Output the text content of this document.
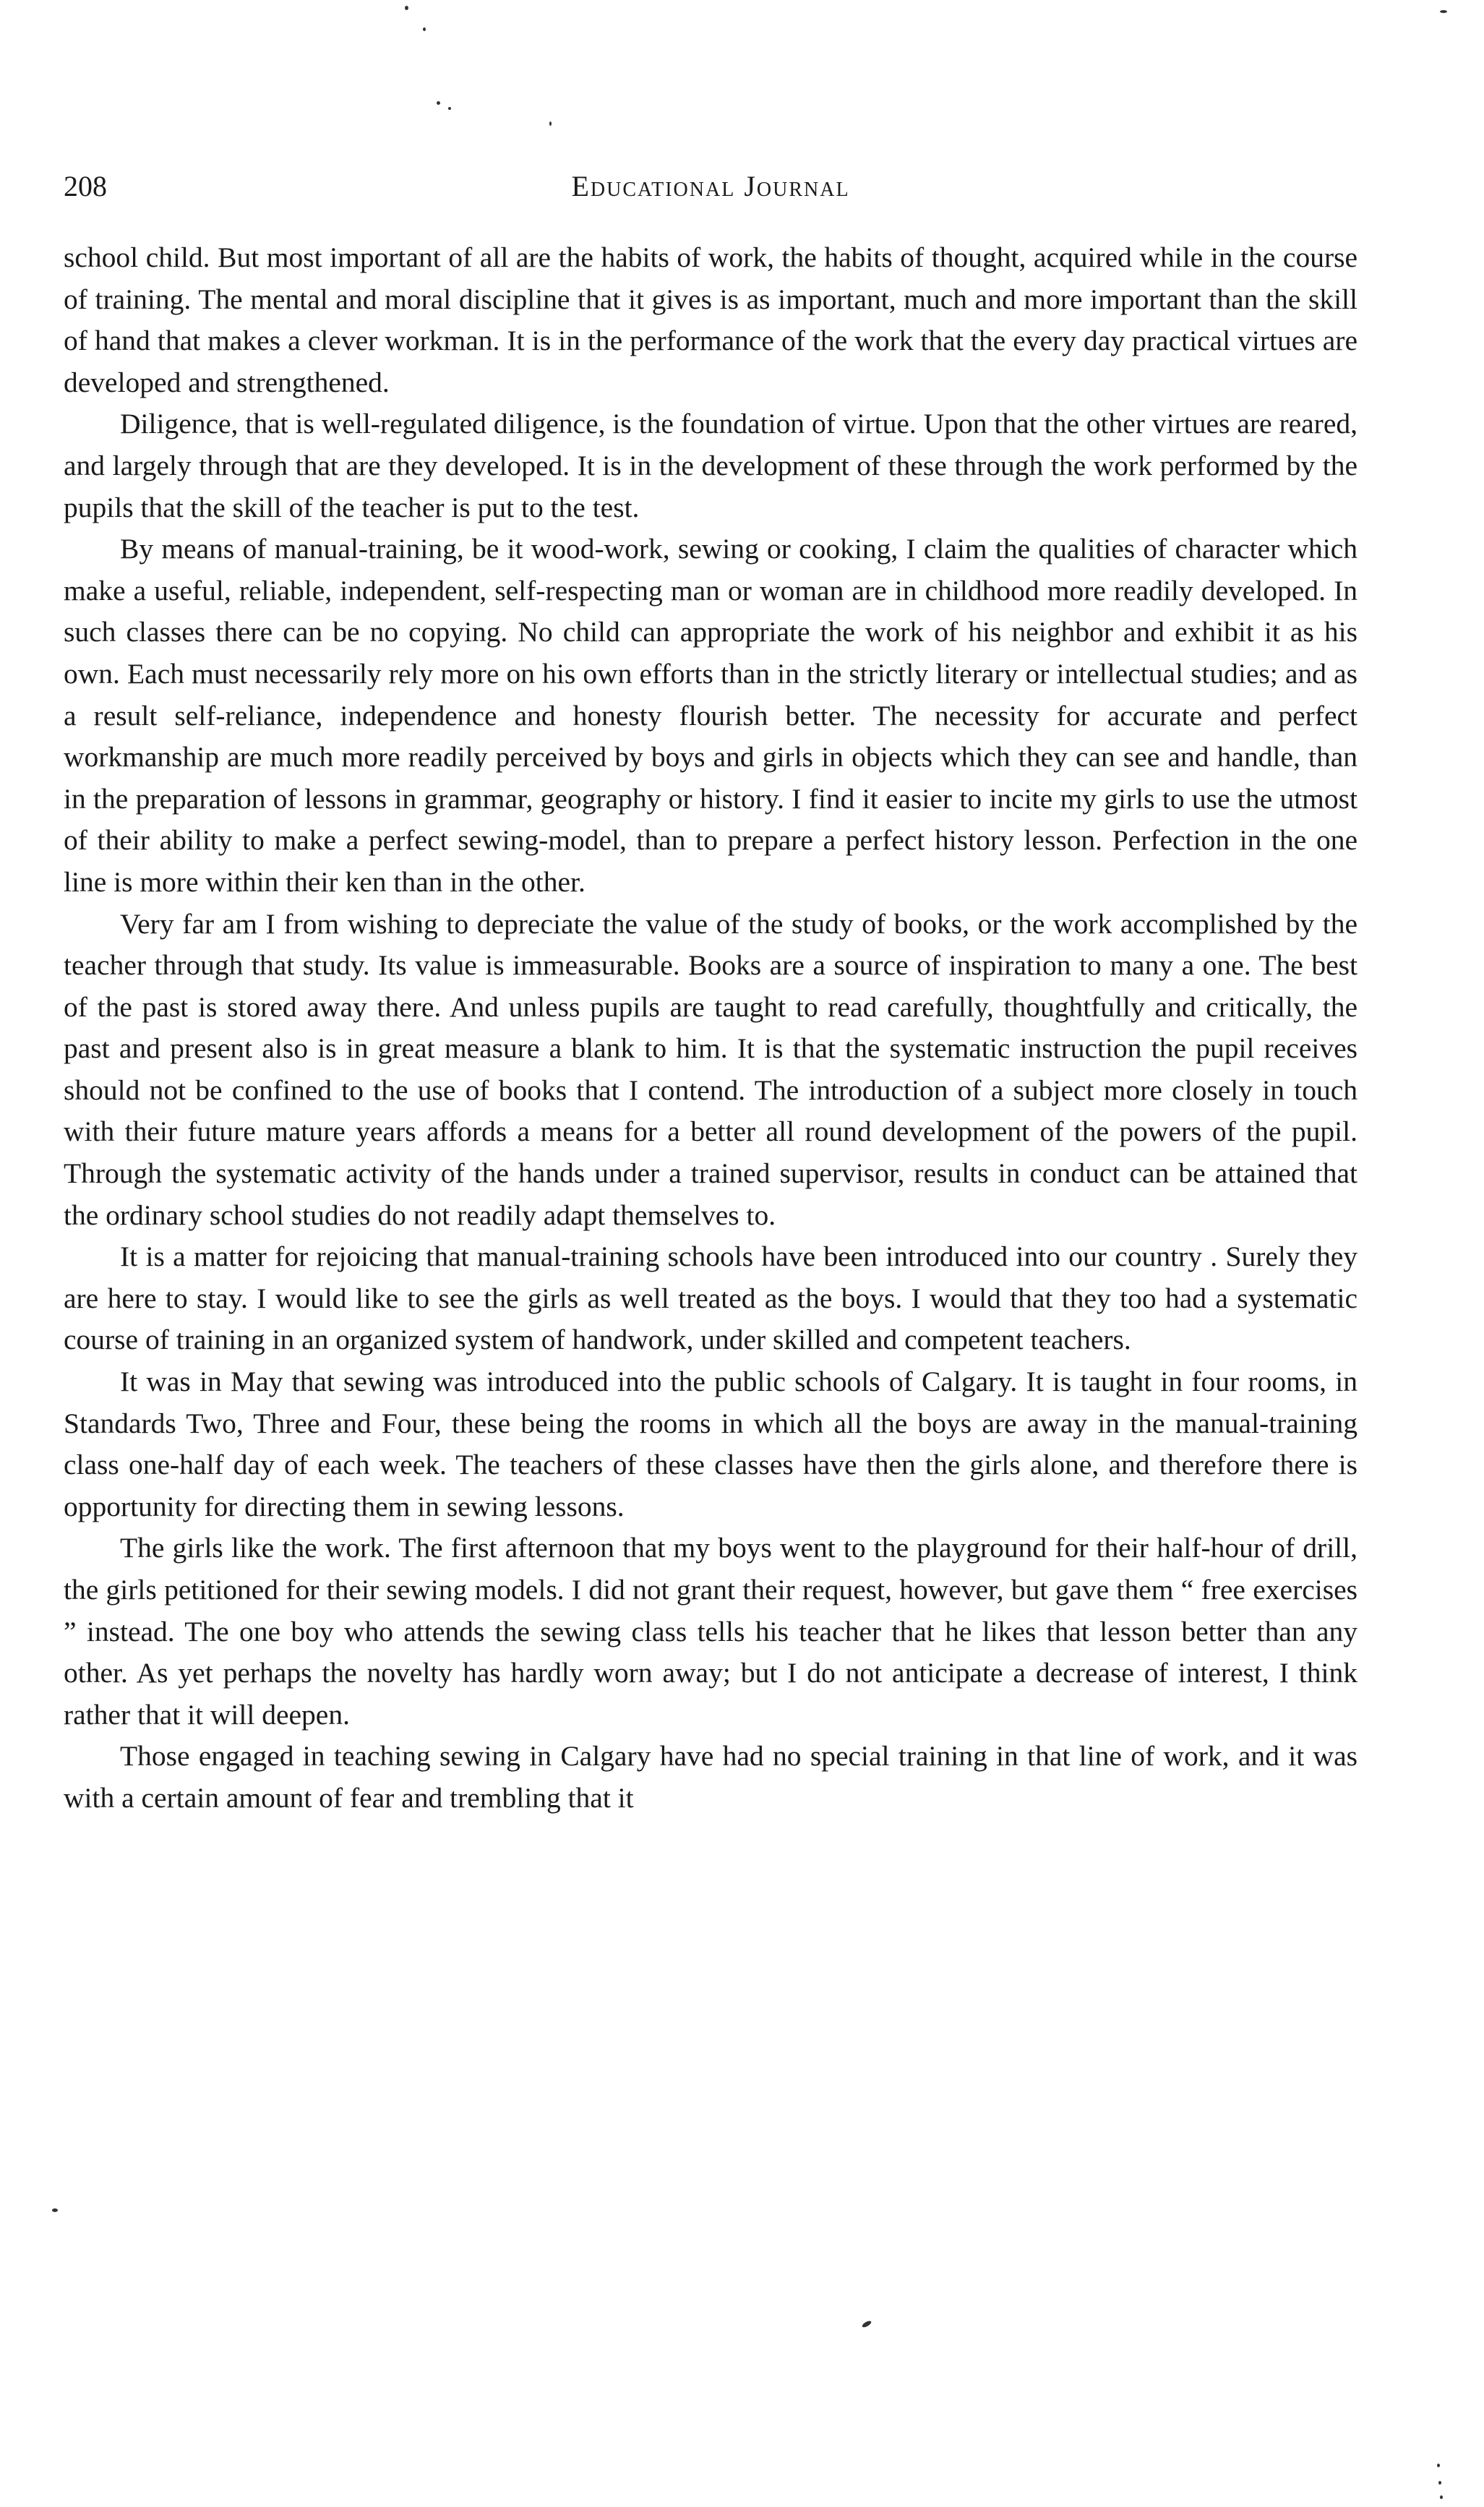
208	Educational Journal

school child. But most important of all are the habits of work, the habits of thought, acquired while in the course of training. The mental and moral discipline that it gives is as important, much and more important than the skill of hand that makes a clever workman. It is in the performance of the work that the every day practical virtues are developed and strengthened.

Diligence, that is well-regulated diligence, is the foundation of virtue. Upon that the other virtues are reared, and largely through that are they developed. It is in the development of these through the work performed by the pupils that the skill of the teacher is put to the test.

By means of manual-training, be it wood-work, sewing or cooking, I claim the qualities of character which make a useful, reliable, independent, self-respecting man or woman are in childhood more readily developed. In such classes there can be no copying. No child can appropriate the work of his neighbor and exhibit it as his own. Each must necessarily rely more on his own efforts than in the strictly literary or intellectual studies; and as a result self-reliance, independence and honesty flourish better. The necessity for accurate and perfect workmanship are much more readily perceived by boys and girls in objects which they can see and handle, than in the preparation of lessons in grammar, geography or history. I find it easier to incite my girls to use the utmost of their ability to make a perfect sewing-model, than to prepare a perfect history lesson. Perfection in the one line is more within their ken than in the other.

Very far am I from wishing to depreciate the value of the study of books, or the work accomplished by the teacher through that study. Its value is immeasurable. Books are a source of inspiration to many a one. The best of the past is stored away there. And unless pupils are taught to read carefully, thoughtfully and critically, the past and present also is in great measure a blank to him. It is that the systematic instruction the pupil receives should not be confined to the use of books that I contend. The introduction of a subject more closely in touch with their future mature years affords a means for a better all round development of the powers of the pupil. Through the systematic activity of the hands under a trained supervisor, results in conduct can be attained that the ordinary school studies do not readily adapt themselves to.

It is a matter for rejoicing that manual-training schools have been introduced into our country . Surely they are here to stay. I would like to see the girls as well treated as the boys. I would that they too had a systematic course of training in an organized system of handwork, under skilled and competent teachers.

It was in May that sewing was introduced into the public schools of Calgary. It is taught in four rooms, in Standards Two, Three and Four, these being the rooms in which all the boys are away in the manual-training class one-half day of each week. The teachers of these classes have then the girls alone, and therefore there is opportunity for directing them in sewing lessons.

The girls like the work. The first afternoon that my boys went to the playground for their half-hour of drill, the girls petitioned for their sewing models. I did not grant their request, however, but gave them “ free exercises ” instead. The one boy who attends the sewing class tells his teacher that he likes that lesson better than any other. As yet perhaps the novelty has hardly worn away; but I do not anticipate a decrease of interest, I think rather that it will deepen.

Those engaged in teaching sewing in Calgary have had no special training in that line of work, and it was with a certain amount of fear and trembling that it
